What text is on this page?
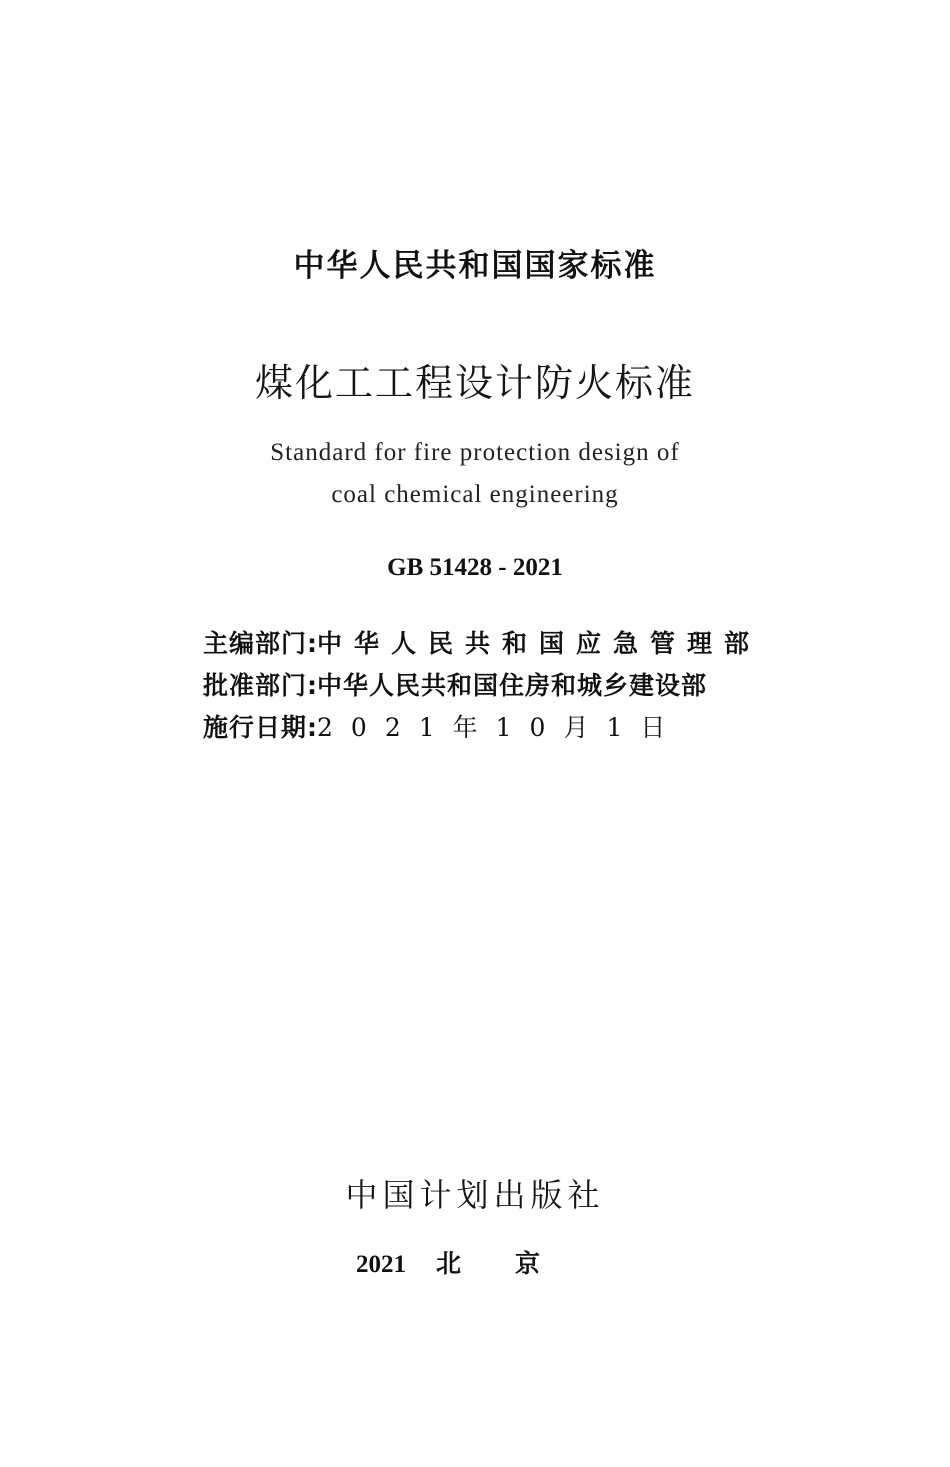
中华人民共和国国家标准
煤化工工程设计防火标准
Standard for fire protection design of
coal chemical engineering
GB 51428 - 2021
主编部门 : 中华人民共和国应急管理部
批准部门 : 中华人民共和国住房和城乡建设部
施行日期 : 2021年10月1日
中国计划出版社
2021 北京
